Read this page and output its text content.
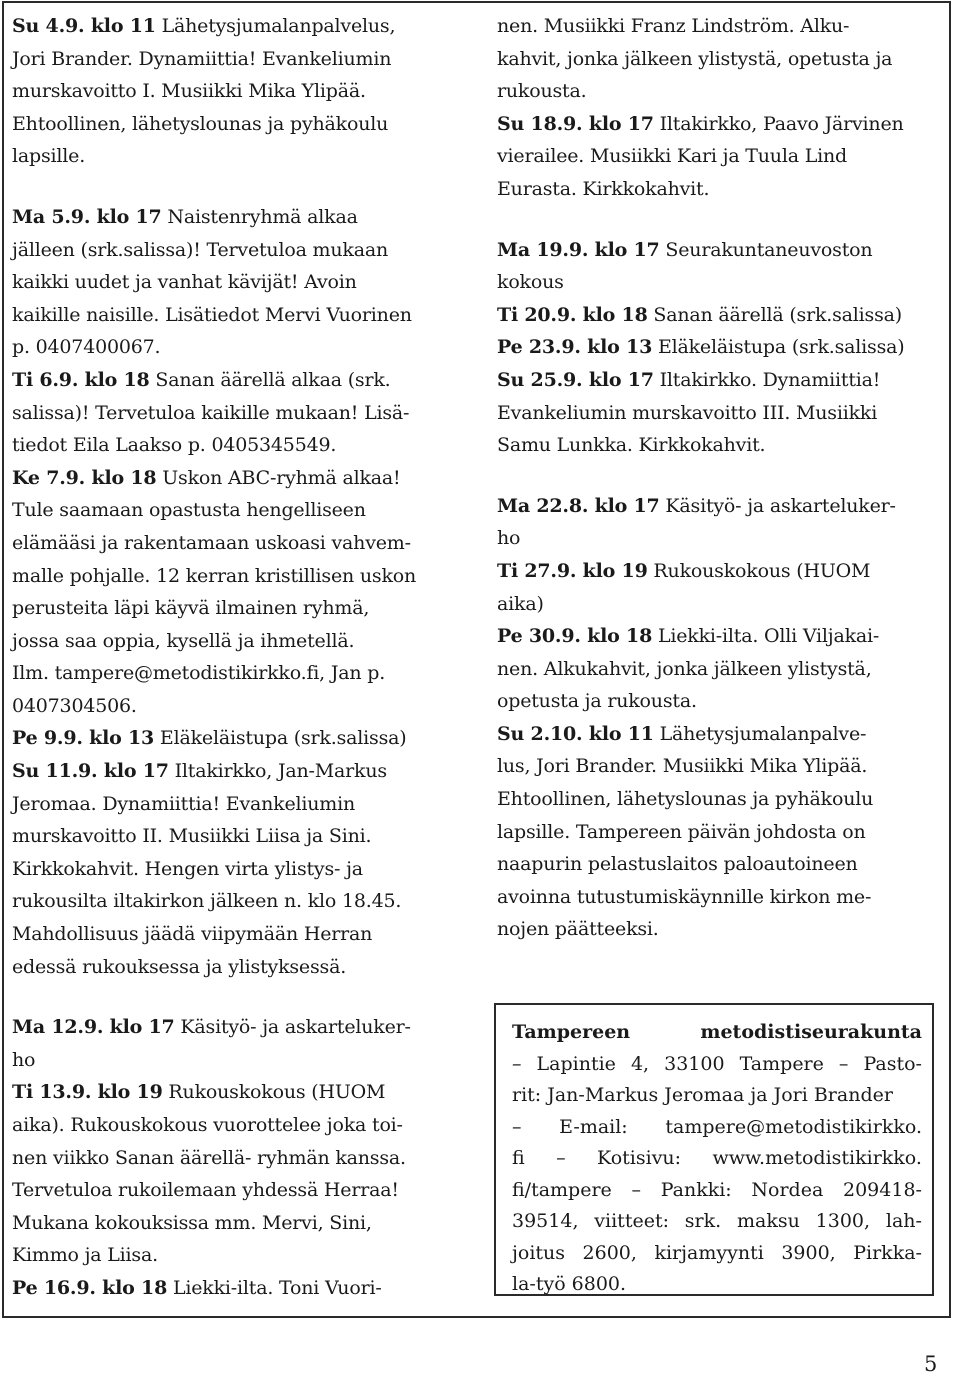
Su 4.9. klo 11 Lähetysjumalanpalvelus,
Jori Brander. Dynamiittia! Evankeliumin
murskavoitto I. Musiikki Mika Ylipää.
Ehtoollinen, lähetyslounas ja pyhäkoulu
lapsille.
Ma 5.9. klo 17 Naistenryhmä alkaa
jälleen (srk.salissa)! Tervetuloa mukaan
kaikki uudet ja vanhat kävijät! Avoin
kaikille naisille. Lisätiedot Mervi Vuorinen
p. 0407400067.
Ti 6.9. klo 18 Sanan äärellä alkaa (srk.
salissa)! Tervetuloa kaikille mukaan! Lisä-
tiedot Eila Laakso p. 0405345549.
Ke 7.9. klo 18 Uskon ABC-ryhmä alkaa!
Tule saamaan opastusta hengelliseen
elämääsi ja rakentamaan uskoasi vahvem-
malle pohjalle. 12 kerran kristillisen uskon
perusteita läpi käyvä ilmainen ryhmä,
jossa saa oppia, kysellä ja ihmetellä.
Ilm. tampere@metodistikirkko.fi, Jan p.
0407304506.
Pe 9.9. klo 13 Eläkeläistupa (srk.salissa)
Su 11.9. klo 17 Iltakirkko, Jan-Markus
Jeromaa. Dynamiittia! Evankeliumin
murskavoitto II. Musiikki Liisa ja Sini.
Kirkkokahvit. Hengen virta ylistys- ja
rukousilta iltakirkon jälkeen n. klo 18.45.
Mahdollisuus jäädä viipymään Herran
edessä rukouksessa ja ylistyksessä.
Ma 12.9. klo 17 Käsityö- ja askarteluker-
ho
Ti 13.9. klo 19 Rukouskokous (HUOM
aika). Rukouskokous vuorottelee joka toi-
nen viikko Sanan äärellä- ryhmän kanssa.
Tervetuloa rukoilemaan yhdessä Herraa!
Mukana kokouksissa mm. Mervi, Sini,
Kimmo ja Liisa.
Pe 16.9. klo 18 Liekki-ilta. Toni Vuori-
nen. Musiikki Franz Lindström. Alku-
kahvit, jonka jälkeen ylistystä, opetusta ja
rukousta.
Su 18.9. klo 17 Iltakirkko, Paavo Järvinen
vierailee. Musiikki Kari ja Tuula Lind
Eurasta. Kirkkokahvit.
Ma 19.9. klo 17 Seurakuntaneuvoston
kokous
Ti 20.9. klo 18 Sanan äärellä (srk.salissa)
Pe 23.9. klo 13 Eläkeläistupa (srk.salissa)
Su 25.9. klo 17 Iltakirkko. Dynamiittia!
Evankeliumin murskavoitto III. Musiikki
Samu Lunkka. Kirkkokahvit.
Ma 22.8. klo 17 Käsityö- ja askarteluker-
ho
Ti 27.9. klo 19 Rukouskokous (HUOM
aika)
Pe 30.9. klo 18 Liekki-ilta. Olli Viljakai-
nen. Alkukahvit, jonka jälkeen ylistystä,
opetusta ja rukousta.
Su 2.10. klo 11 Lähetysjumalanpalve-
lus, Jori Brander. Musiikki Mika Ylipää.
Ehtoollinen, lähetyslounas ja pyhäkoulu
lapsille. Tampereen päivän johdosta on
naapurin pelastuslaitos paloautoineen
avoinna tutustumiskäynnille kirkon me-
nojen päätteeksi.
Tampereen	metodistiseurakunta
– Lapintie 4, 33100 Tampere – Pasto-
rit: Jan-Markus Jeromaa ja Jori Brander
– E-mail: tampere@metodistikirkko.
fi – Kotisivu: www.metodistikirkko.
fi/tampere – Pankki: Nordea 209418-
39514, viitteet: srk. maksu 1300, lah-
joitus 2600, kirjamyynti 3900, Pirkka-
la-työ 6800.
5
